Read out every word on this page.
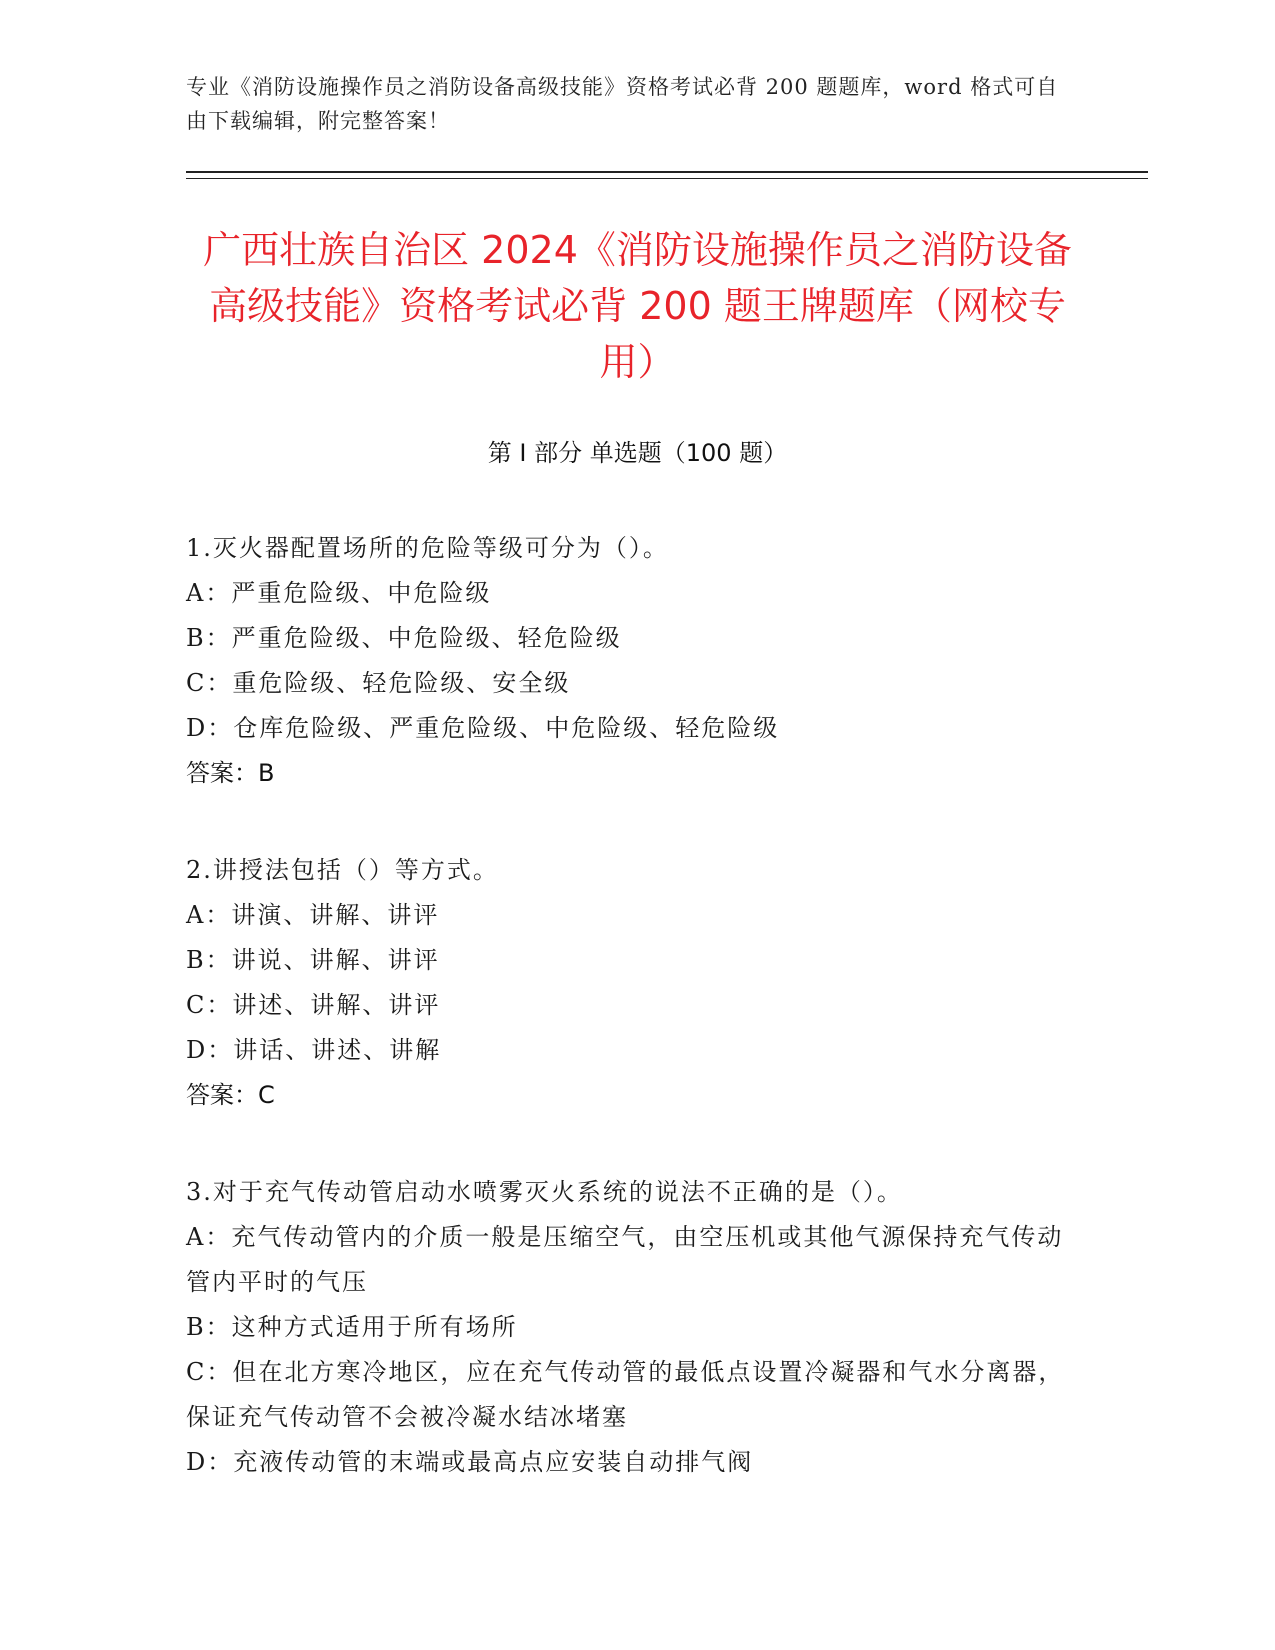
专业《消防设施操作员之消防设备高级技能》资格考试必背 200 题题库，word 格式可自由下载编辑，附完整答案！
广西壮族自治区 2024《消防设施操作员之消防设备高级技能》资格考试必背 200 题王牌题库（网校专用）
第 I 部分 单选题（100 题）
1.灭火器配置场所的危险等级可分为（）。
A：严重危险级、中危险级
B：严重危险级、中危险级、轻危险级
C：重危险级、轻危险级、安全级
D：仓库危险级、严重危险级、中危险级、轻危险级
答案：B
2.讲授法包括（）等方式。
A：讲演、讲解、讲评
B：讲说、讲解、讲评
C：讲述、讲解、讲评
D：讲话、讲述、讲解
答案：C
3.对于充气传动管启动水喷雾灭火系统的说法不正确的是（）。
A：充气传动管内的介质一般是压缩空气，由空压机或其他气源保持充气传动管内平时的气压
B：这种方式适用于所有场所
C：但在北方寒冷地区，应在充气传动管的最低点设置冷凝器和气水分离器，保证充气传动管不会被冷凝水结冰堵塞
D：充液传动管的末端或最高点应安装自动排气阀
